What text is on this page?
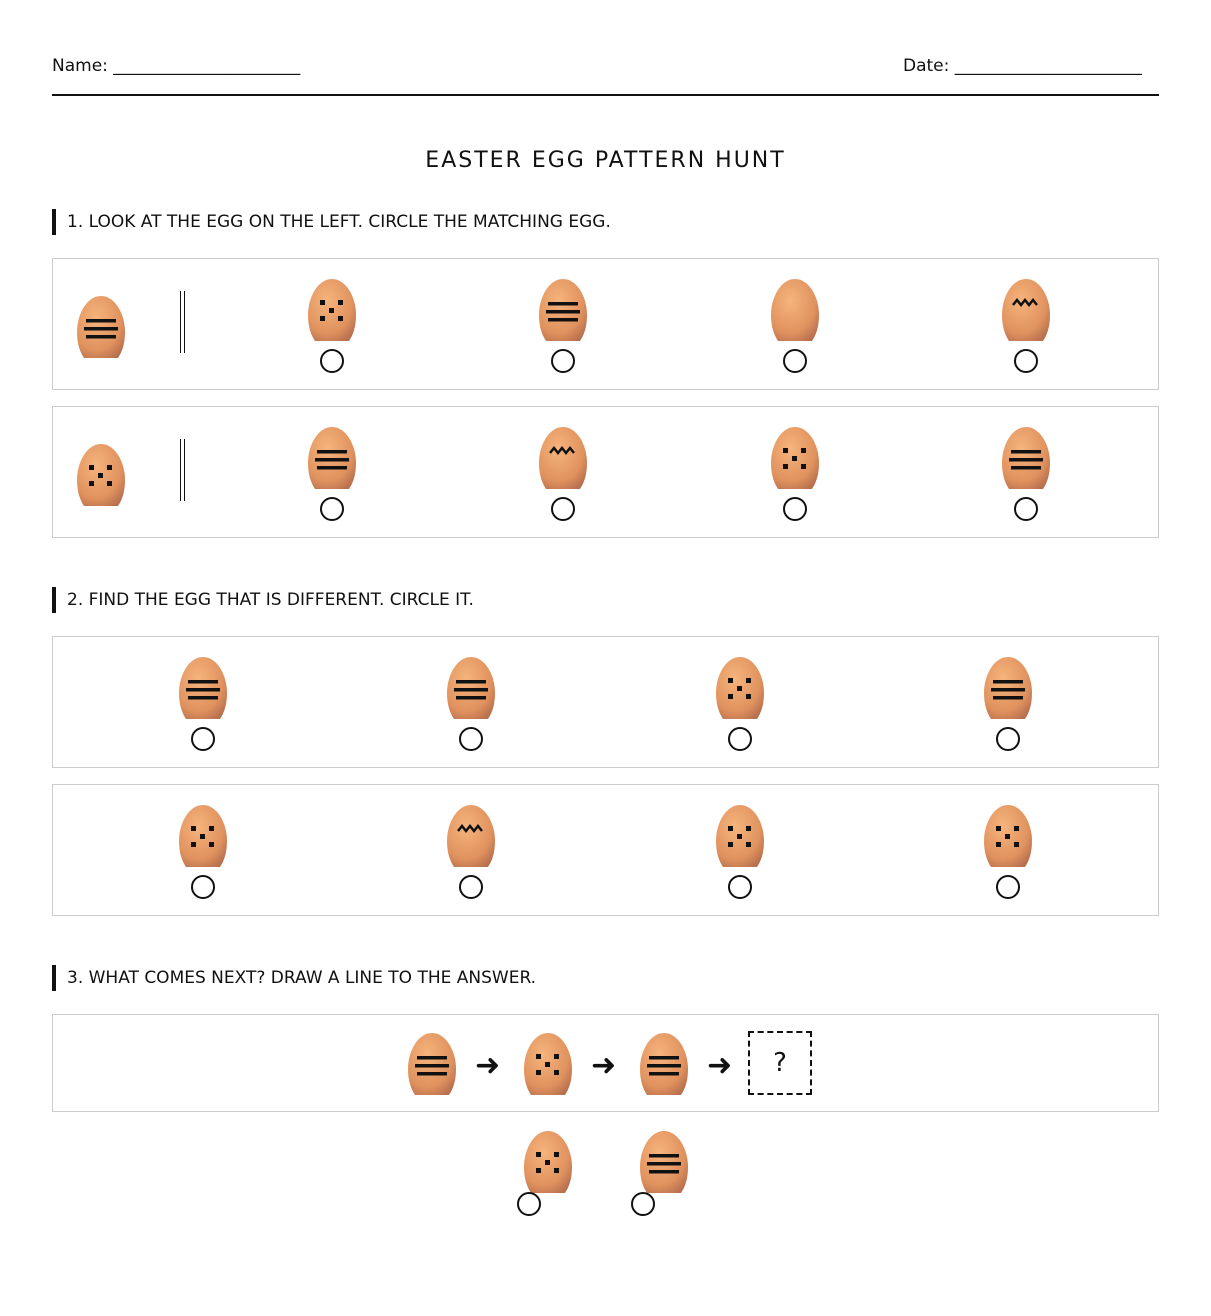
Name: ______________________	Date: ______________________
EASTER EGG PATTERN HUNT
1. LOOK AT THE EGG ON THE LEFT. CIRCLE THE MATCHING EGG.
2. FIND THE EGG THAT IS DIFFERENT. CIRCLE IT.
3. WHAT COMES NEXT? DRAW A LINE TO THE ANSWER.
➜	➜	➜	?
